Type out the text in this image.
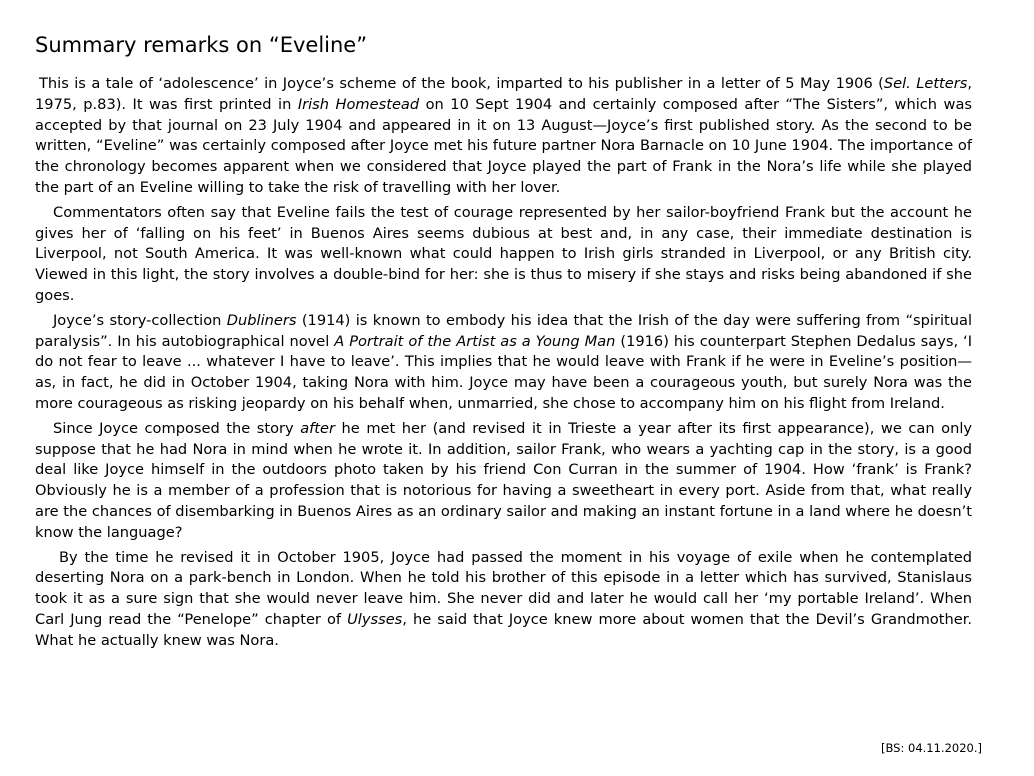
Summary remarks on “Eveline”

This is a tale of ‘adolescence’ in Joyce’s scheme of the book, imparted to his publisher in a letter of 5 May 1906 (Sel. Letters, 1975, p.83). It was first printed in Irish Homestead on 10 Sept 1904 and certainly composed after “The Sisters”, which was accepted by that journal on 23 July 1904 and appeared in it on 13 August—Joyce’s first published story. As the second to be written, “Eveline” was certainly composed after Joyce met his future partner Nora Barnacle on 10 June 1904. The importance of the chronology becomes apparent when we considered that Joyce played the part of Frank in the Nora’s life while she played the part of an Eveline willing to take the risk of travelling with her lover.

Commentators often say that Eveline fails the test of courage represented by her sailor-boyfriend Frank but the account he gives her of ‘falling on his feet’ in Buenos Aires seems dubious at best and, in any case, their immediate destination is Liverpool, not South America. It was well-known what could happen to Irish girls stranded in Liverpool, or any British city. Viewed in this light, the story involves a double-bind for her: she is thus to misery if she stays and risks being abandoned if she goes.

Joyce’s story-collection Dubliners (1914) is known to embody his idea that the Irish of the day were suffering from “spiritual paralysis”. In his autobiographical novel A Portrait of the Artist as a Young Man (1916) his counterpart Stephen Dedalus says, ‘I do not fear to leave ... whatever I have to leave’. This implies that he would leave with Frank if he were in Eveline’s position—as, in fact, he did in October 1904, taking Nora with him. Joyce may have been a courageous youth, but surely Nora was the more courageous as risking jeopardy on his behalf when, unmarried, she chose to accompany him on his flight from Ireland.

Since Joyce composed the story after he met her (and revised it in Trieste a year after its first appearance), we can only suppose that he had Nora in mind when he wrote it. In addition, sailor Frank, who wears a yachting cap in the story, is a good deal like Joyce himself in the outdoors photo taken by his friend Con Curran in the summer of 1904. How ‘frank’ is Frank? Obviously he is a member of a profession that is notorious for having a sweetheart in every port. Aside from that, what really are the chances of disembarking in Buenos Aires as an ordinary sailor and making an instant fortune in a land where he doesn’t know the language?

By the time he revised it in October 1905, Joyce had passed the moment in his voyage of exile when he contemplated deserting Nora on a park-bench in London. When he told his brother of this episode in a letter which has survived, Stanislaus took it as a sure sign that she would never leave him. She never did and later he would call her ‘my portable Ireland’. When Carl Jung read the “Penelope” chapter of Ulysses, he said that Joyce knew more about women that the Devil’s Grandmother. What he actually knew was Nora.

[BS: 04.11.2020.]
